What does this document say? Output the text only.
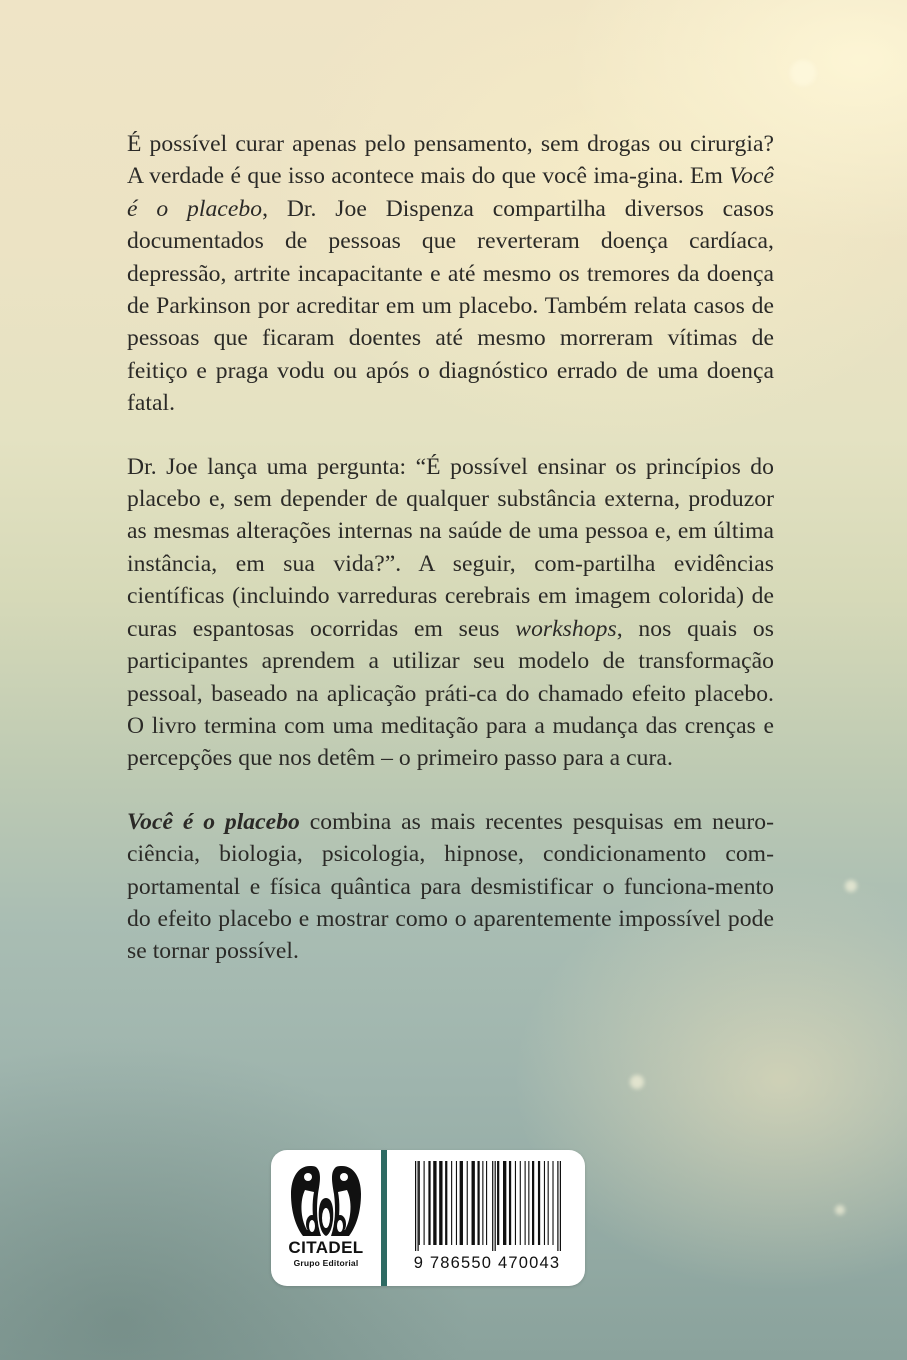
É possível curar apenas pelo pensamento, sem drogas ou cirurgia? A verdade é que isso acontece mais do que você ima-gina. Em Você é o placebo, Dr. Joe Dispenza compartilha diversos casos documentados de pessoas que reverteram doença cardíaca, depressão, artrite incapacitante e até mesmo os tremores da doença de Parkinson por acreditar em um placebo. Também relata casos de pessoas que ficaram doentes até mesmo morreram vítimas de feitiço e praga vodu ou após o diagnóstico errado de uma doença fatal.

Dr. Joe lança uma pergunta: “É possível ensinar os princípios do placebo e, sem depender de qualquer substância externa, produzor as mesmas alterações internas na saúde de uma pessoa e, em última instância, em sua vida?”. A seguir, com-partilha evidências científicas (incluindo varreduras cerebrais em imagem colorida) de curas espantosas ocorridas em seus workshops, nos quais os participantes aprendem a utilizar seu modelo de transformação pessoal, baseado na aplicação práti-ca do chamado efeito placebo. O livro termina com uma meditação para a mudança das crenças e percepções que nos detêm – o primeiro passo para a cura.

Você é o placebo combina as mais recentes pesquisas em neuro-ciência, biologia, psicologia, hipnose, condicionamento com-portamental e física quântica para desmistificar o funciona-mento do efeito placebo e mostrar como o aparentemente impossível pode se tornar possível.

CITADEL
Grupo Editorial	9 786550 470043
